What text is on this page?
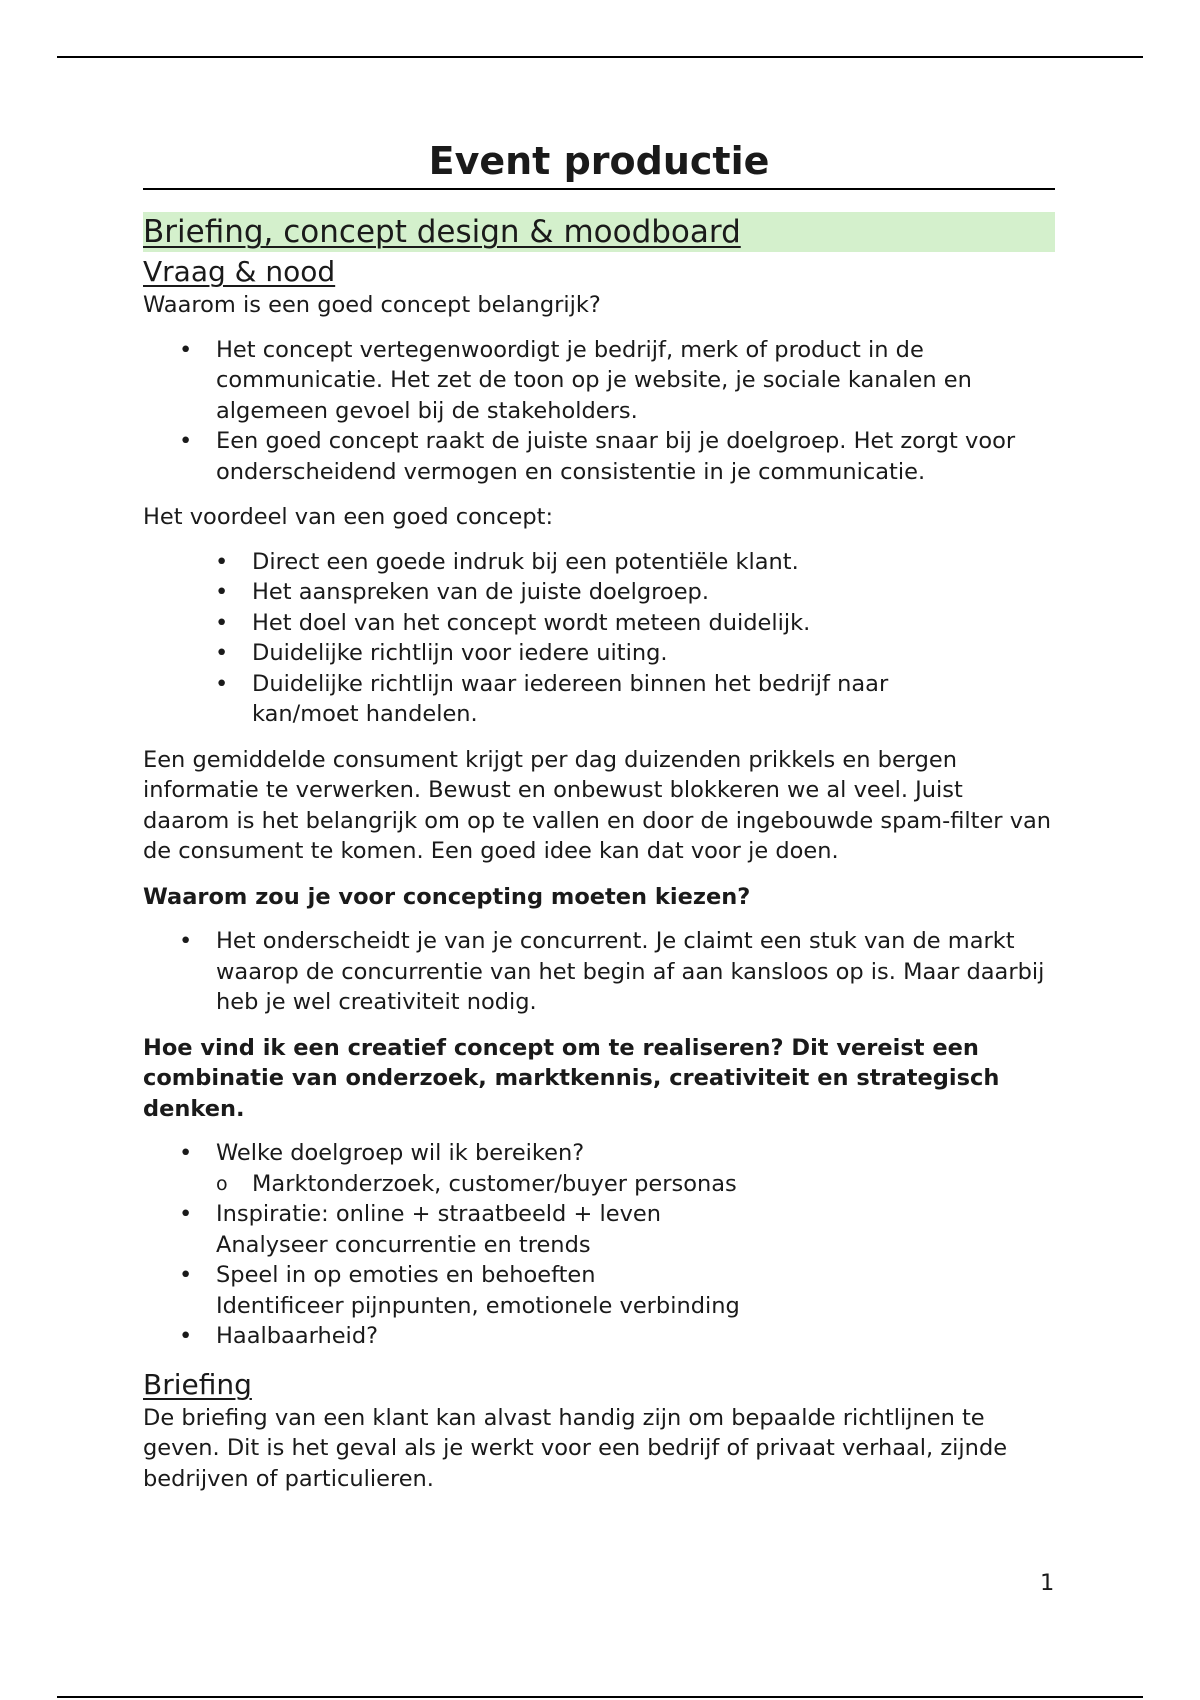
Event productie
Briefing, concept design & moodboard
Vraag & nood

Waarom is een goed concept belangrijk?

• Het concept vertegenwoordigt je bedrijf, merk of product in de communicatie. Het zet de toon op je website, je sociale kanalen en algemeen gevoel bij de stakeholders.
• Een goed concept raakt de juiste snaar bij je doelgroep. Het zorgt voor onderscheidend vermogen en consistentie in je communicatie.

Het voordeel van een goed concept:

• Direct een goede indruk bij een potentiële klant.
• Het aanspreken van de juiste doelgroep.
• Het doel van het concept wordt meteen duidelijk.
• Duidelijke richtlijn voor iedere uiting.
• Duidelijke richtlijn waar iedereen binnen het bedrijf naar kan/moet handelen.

Een gemiddelde consument krijgt per dag duizenden prikkels en bergen informatie te verwerken. Bewust en onbewust blokkeren we al veel. Juist daarom is het belangrijk om op te vallen en door de ingebouwde spam-filter van de consument te komen. Een goed idee kan dat voor je doen.

Waarom zou je voor concepting moeten kiezen?

• Het onderscheidt je van je concurrent. Je claimt een stuk van de markt waarop de concurrentie van het begin af aan kansloos op is. Maar daarbij heb je wel creativiteit nodig.

Hoe vind ik een creatief concept om te realiseren? Dit vereist een combinatie van onderzoek, marktkennis, creativiteit en strategisch denken.

• Welke doelgroep wil ik bereiken?
o Marktonderzoek, customer/buyer personas
• Inspiratie: online + straatbeeld + leven
Analyseer concurrentie en trends
• Speel in op emoties en behoeften
Identificeer pijnpunten, emotionele verbinding
• Haalbaarheid?
Briefing

De briefing van een klant kan alvast handig zijn om bepaalde richtlijnen te geven. Dit is het geval als je werkt voor een bedrijf of privaat verhaal, zijnde bedrijven of particulieren.

1
